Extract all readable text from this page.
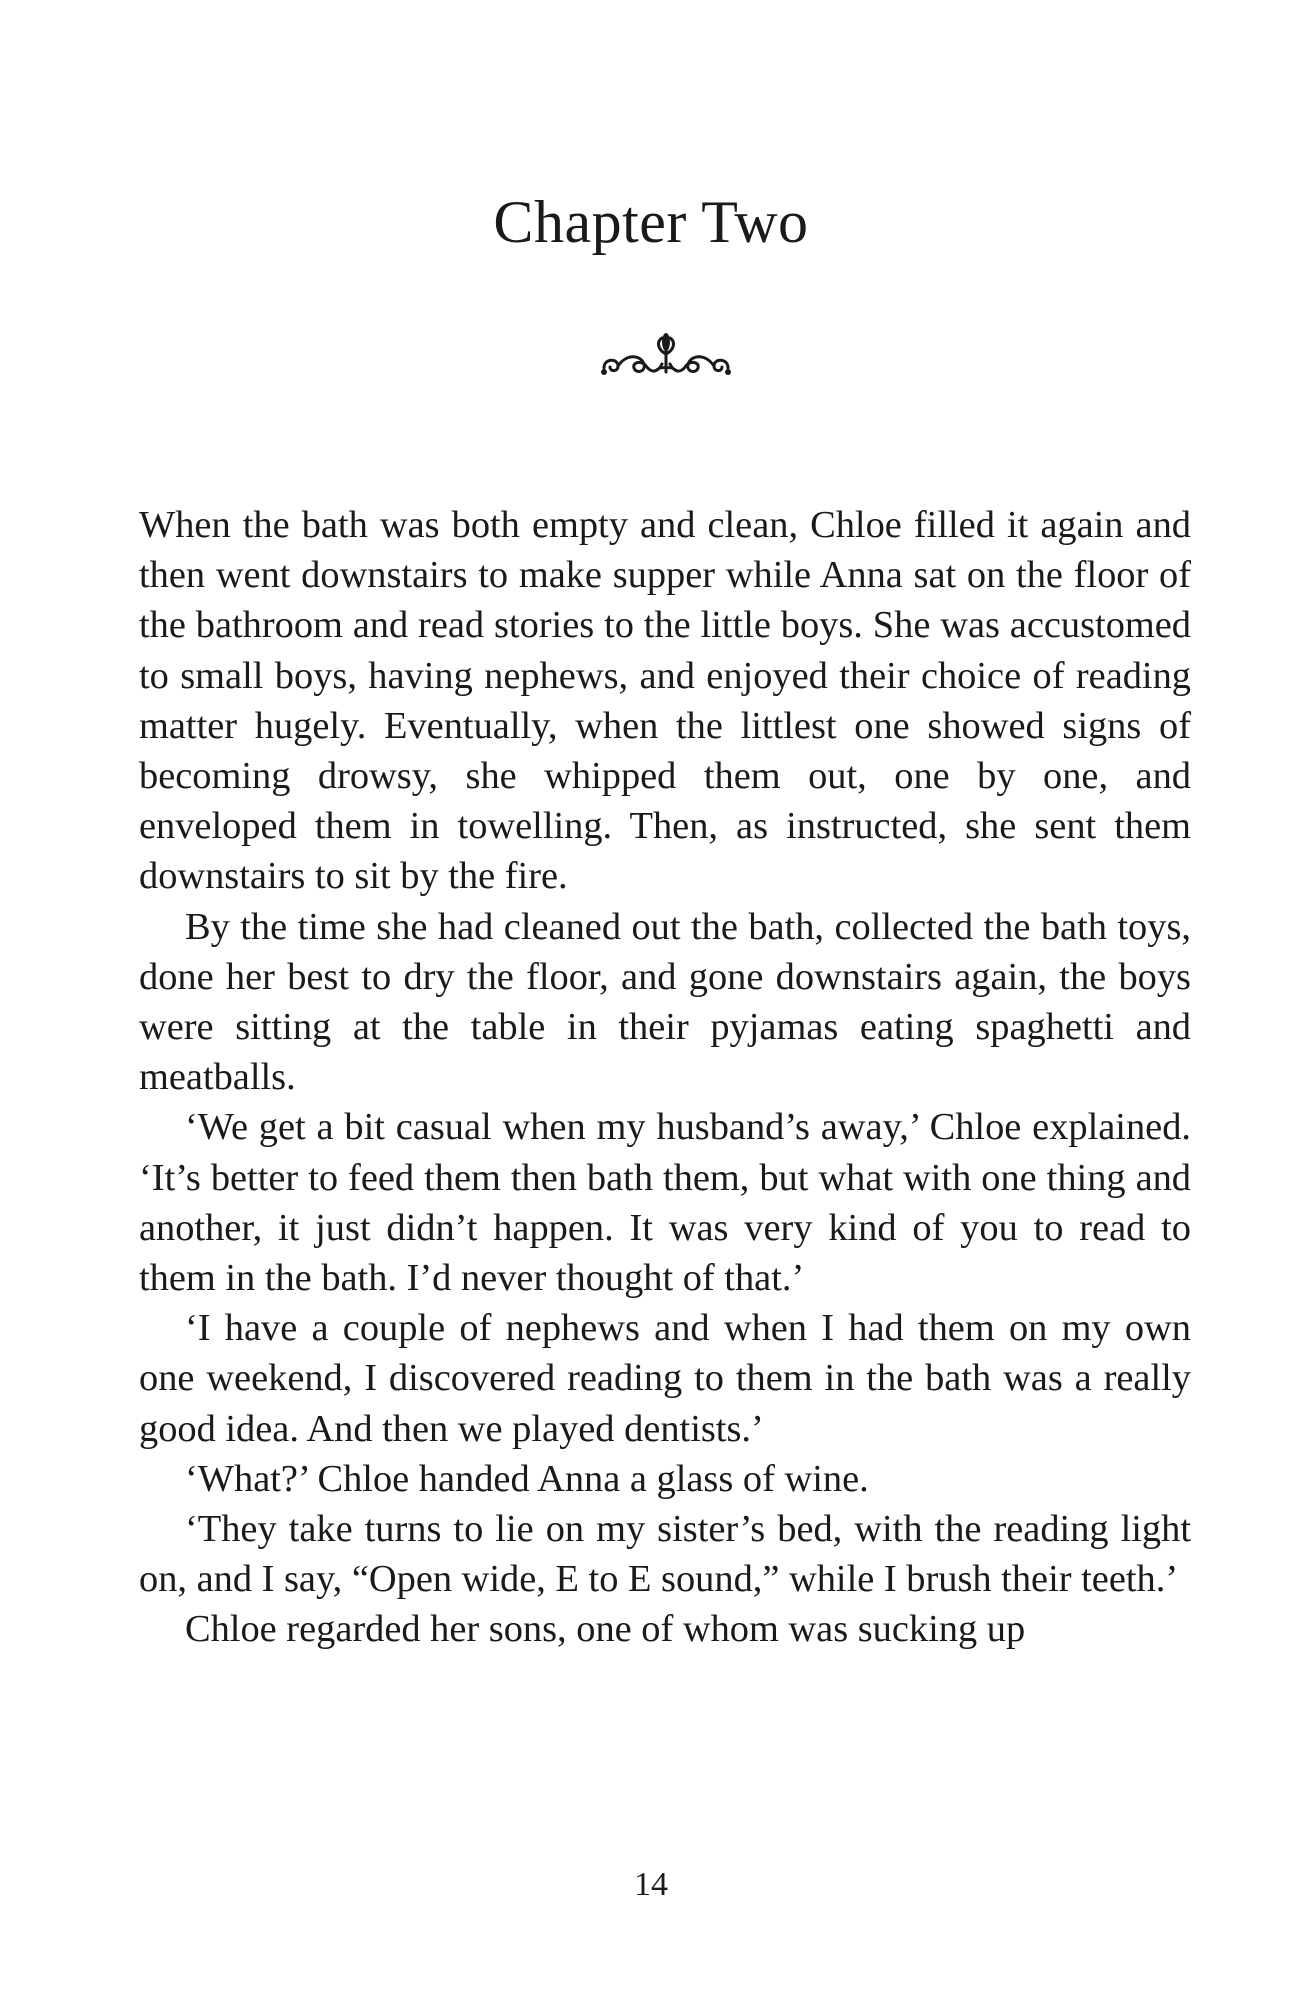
Chapter Two

When the bath was both empty and clean, Chloe filled it again and then went downstairs to make supper while Anna sat on the floor of the bathroom and read stories to the little boys. She was accustomed to small boys, having nephews, and enjoyed their choice of reading matter hugely. Eventually, when the littlest one showed signs of becoming drowsy, she whipped them out, one by one, and enveloped them in towelling. Then, as instructed, she sent them downstairs to sit by the fire.

By the time she had cleaned out the bath, collected the bath toys, done her best to dry the floor, and gone downstairs again, the boys were sitting at the table in their pyjamas eating spaghetti and meatballs.

‘We get a bit casual when my husband’s away,’ Chloe explained. ‘It’s better to feed them then bath them, but what with one thing and another, it just didn’t happen. It was very kind of you to read to them in the bath. I’d never thought of that.’

‘I have a couple of nephews and when I had them on my own one weekend, I discovered reading to them in the bath was a really good idea. And then we played dentists.’

‘What?’ Chloe handed Anna a glass of wine.

‘They take turns to lie on my sister’s bed, with the reading light on, and I say, “Open wide, E to E sound,” while I brush their teeth.’

Chloe regarded her sons, one of whom was sucking up

14
